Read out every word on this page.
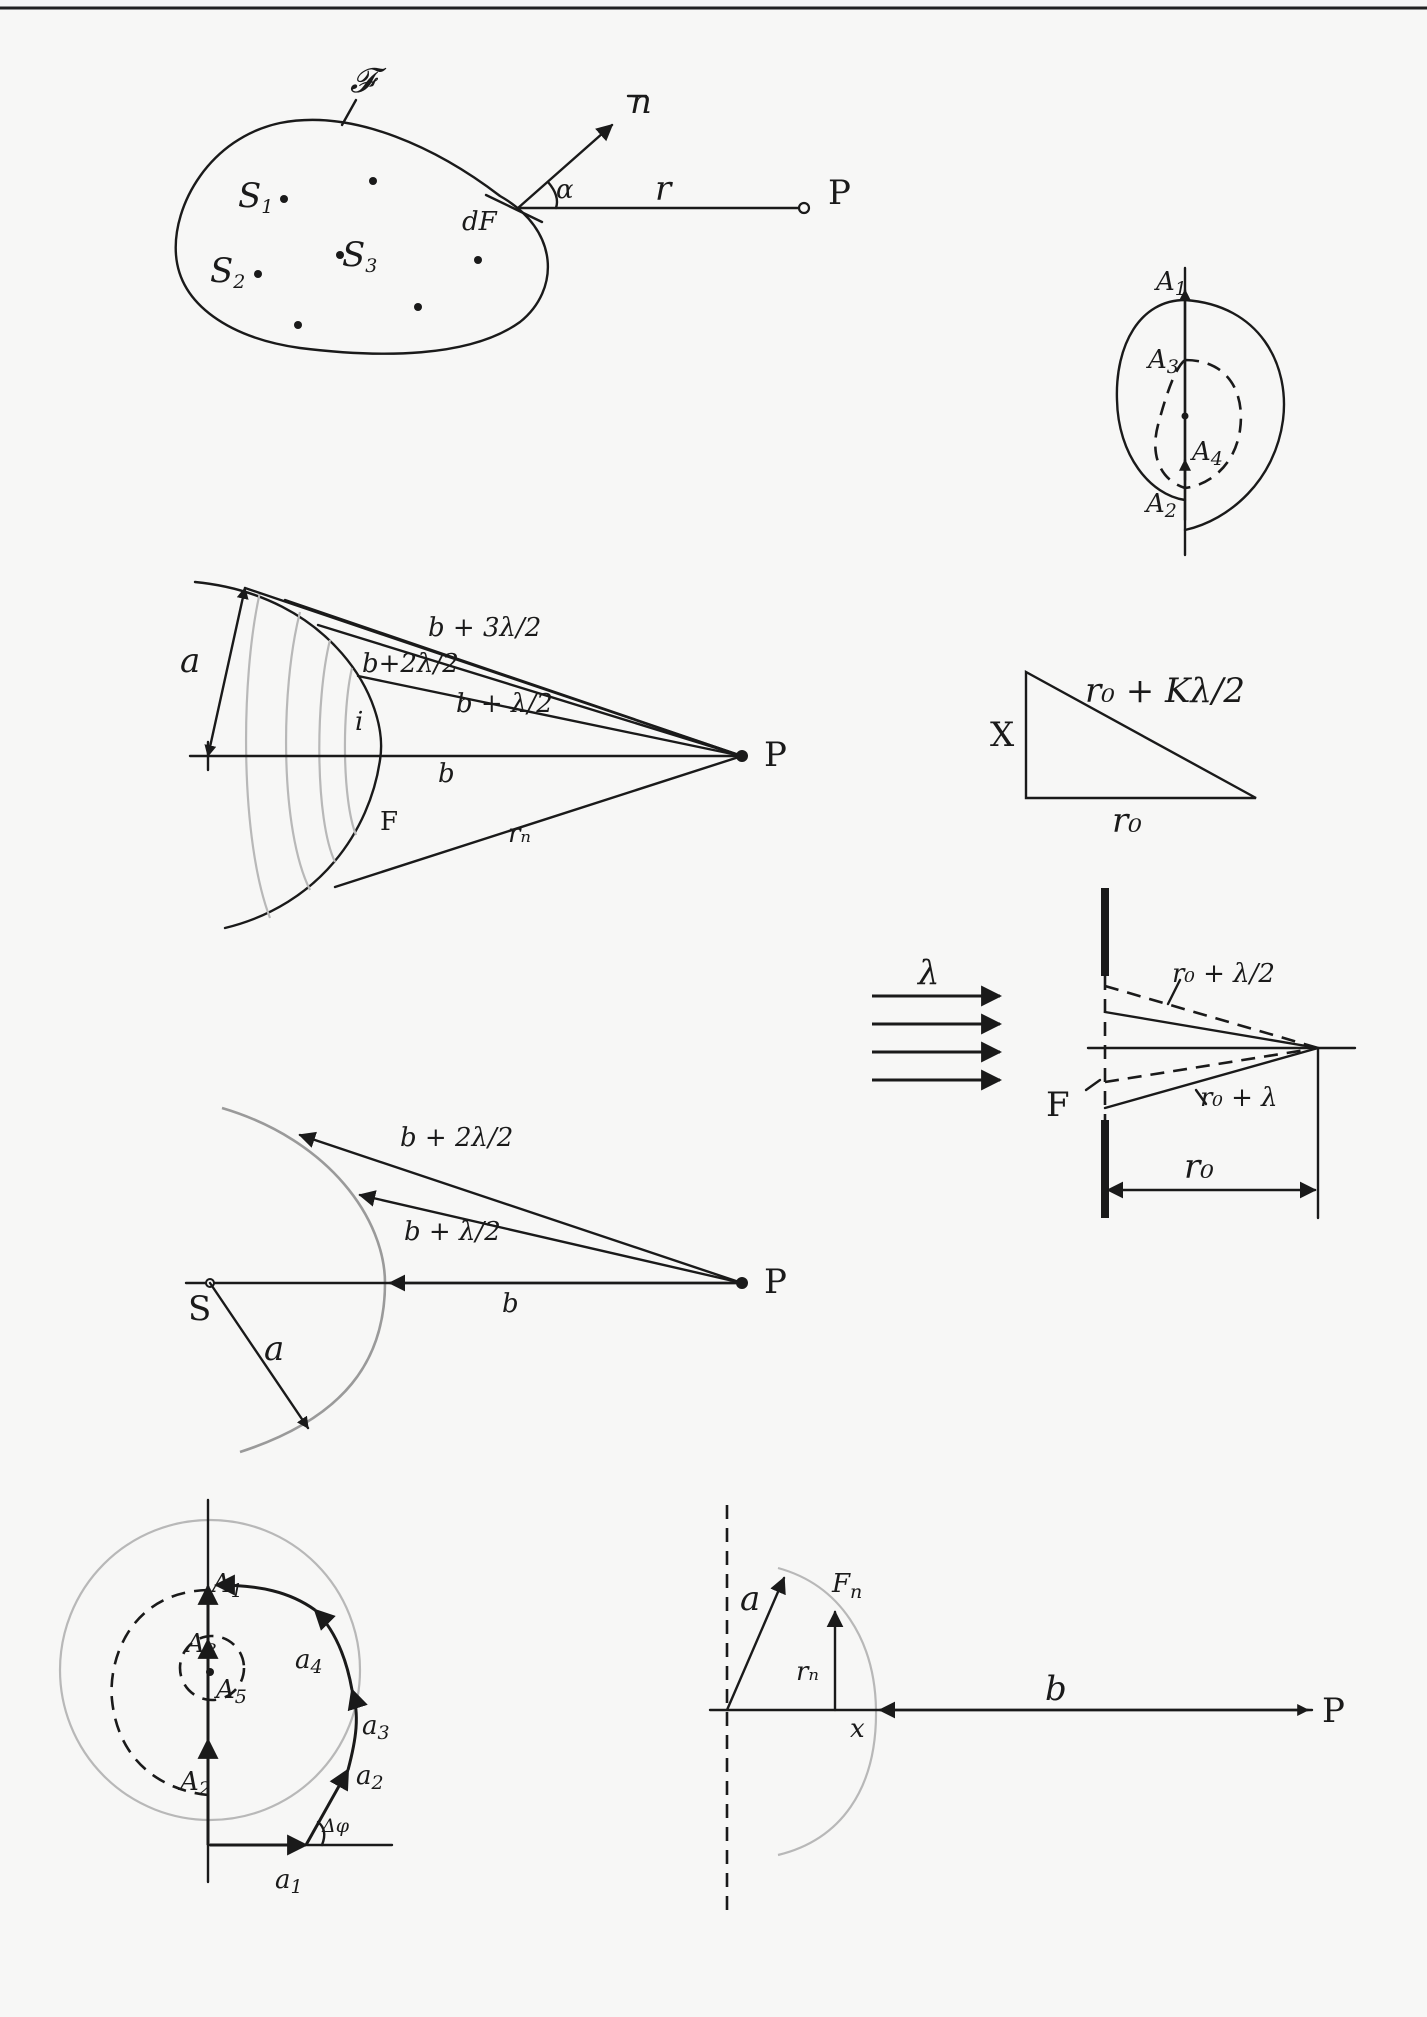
𝓕
S1
S2
S3
dF
n
α r	P
A1
A3
A4
A2
a
P
b + 3λ/2
b+2λ/2
b + λ/2
i
b
F	rₙ
X
r₀ + Kλ/2
r₀
λ	r₀ + λ/2
r₀ + λ
F
r₀
P
S
a
b + 2λ/2
b + λ/2
b
A1
A3
A5
A2
a4
a3
a2
a1
Δφ
a	$F_n$
rₙ
x
b
P
